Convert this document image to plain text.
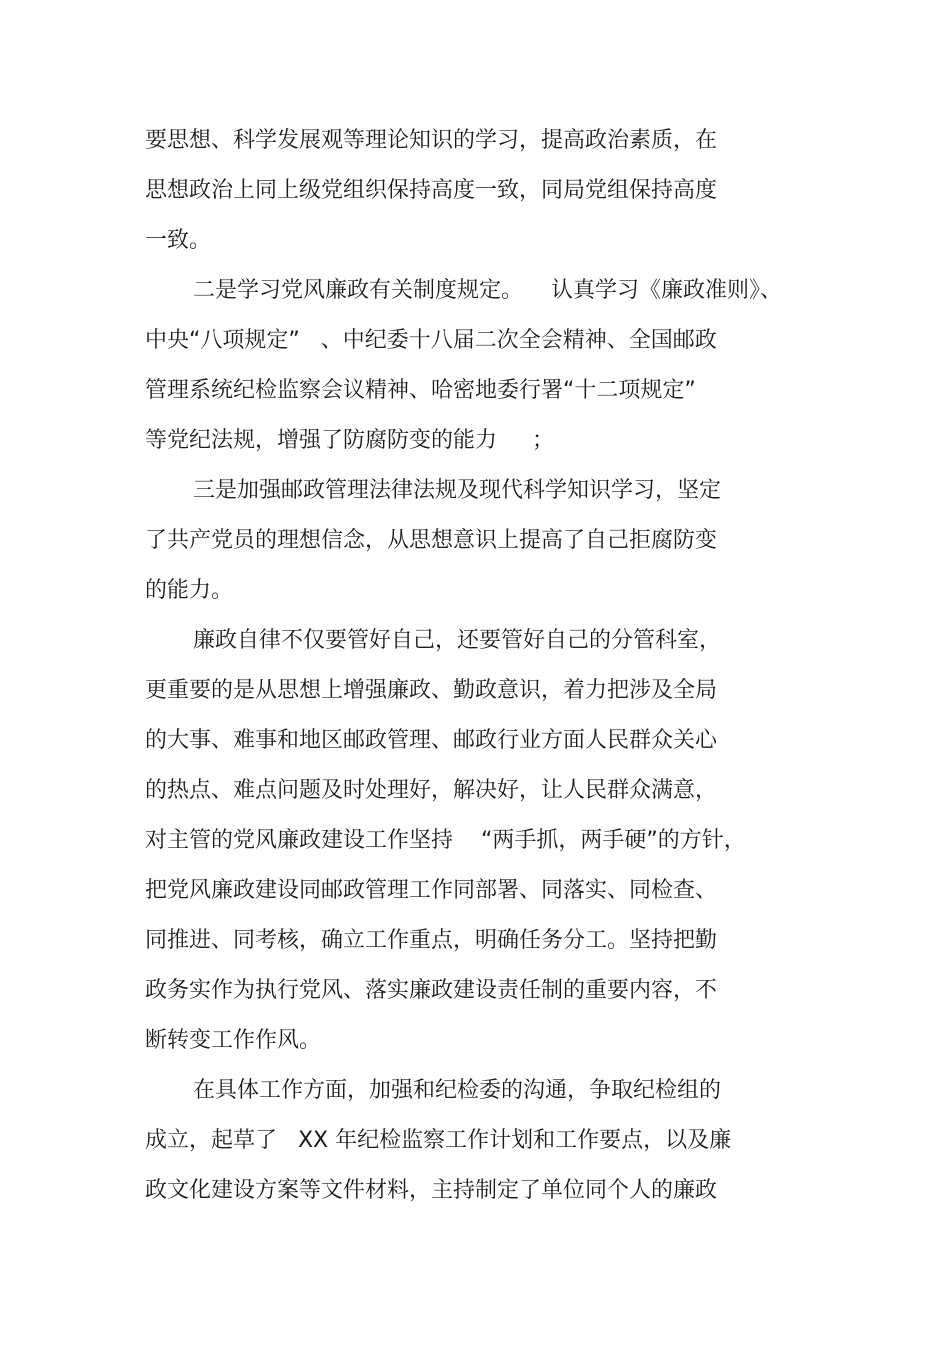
要思想、科学发展观等理论知识的学习，提高政治素质，在

思想政治上同上级党组织保持高度一致，同局党组保持高度

一致。

二是学习党风廉政有关制度规定。    认真学习《廉政准则》、

中央“八项规定”   、中纪委十八届二次全会精神、全国邮政

管理系统纪检监察会议精神、哈密地委行署“十二项规定”

等党纪法规，增强了防腐防变的能力     ；

三是加强邮政管理法律法规及现代科学知识学习，坚定

了共产党员的理想信念，从思想意识上提高了自己拒腐防变

的能力。

廉政自律不仅要管好自己，还要管好自己的分管科室，

更重要的是从思想上增强廉政、勤政意识，着力把涉及全局

的大事、难事和地区邮政管理、邮政行业方面人民群众关心

的热点、难点问题及时处理好，解决好，让人民群众满意，

对主管的党风廉政建设工作坚持    “两手抓，两手硬”的方针，

把党风廉政建设同邮政管理工作同部署、同落实、同检查、

同推进、同考核，确立工作重点，明确任务分工。坚持把勤

政务实作为执行党风、落实廉政建设责任制的重要内容，不

断转变工作作风。

在具体工作方面，加强和纪检委的沟通，争取纪检组的

成立，起草了   XX 年纪检监察工作计划和工作要点，以及廉

政文化建设方案等文件材料，主持制定了单位同个人的廉政
